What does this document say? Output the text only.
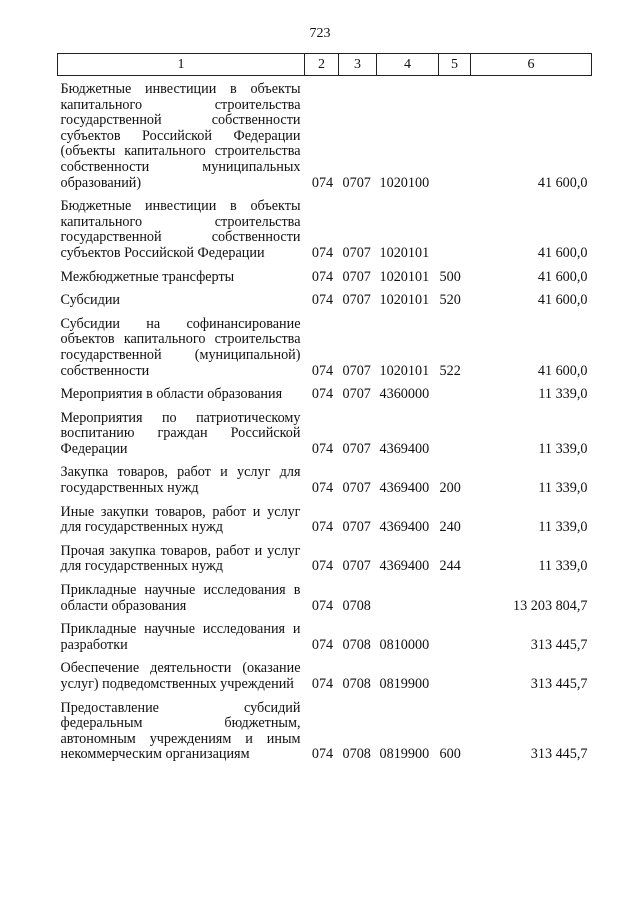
723
1	2	3	4	5	6
Бюджетные инвестиции в объекты капитального строительства государственной собственности субъектов Российской Федерации (объекты капитального строительства собственности муниципальных образований)	074	0707	1020100		41 600,0
Бюджетные инвестиции в объекты капитального строительства государственной собственности субъектов Российской Федерации	074	0707	1020101		41 600,0
Межбюджетные трансферты	074	0707	1020101	500	41 600,0
Субсидии	074	0707	1020101	520	41 600,0
Субсидии на софинансирование объектов капитального строительства государственной (муниципальной) собственности	074	0707	1020101	522	41 600,0
Мероприятия в области образования	074	0707	4360000		11 339,0
Мероприятия по патриотическому воспитанию граждан Российской Федерации	074	0707	4369400		11 339,0
Закупка товаров, работ и услуг для государственных нужд	074	0707	4369400	200	11 339,0
Иные закупки товаров, работ и услуг для государственных нужд	074	0707	4369400	240	11 339,0
Прочая закупка товаров, работ и услуг для государственных нужд	074	0707	4369400	244	11 339,0
Прикладные научные исследования в области образования	074	0708			13 203 804,7
Прикладные научные исследования и разработки	074	0708	0810000		313 445,7
Обеспечение деятельности (оказание услуг) подведомственных учреждений	074	0708	0819900		313 445,7
Предоставление субсидий федеральным бюджетным, автономным учреждениям и иным некоммерческим организациям	074	0708	0819900	600	313 445,7
